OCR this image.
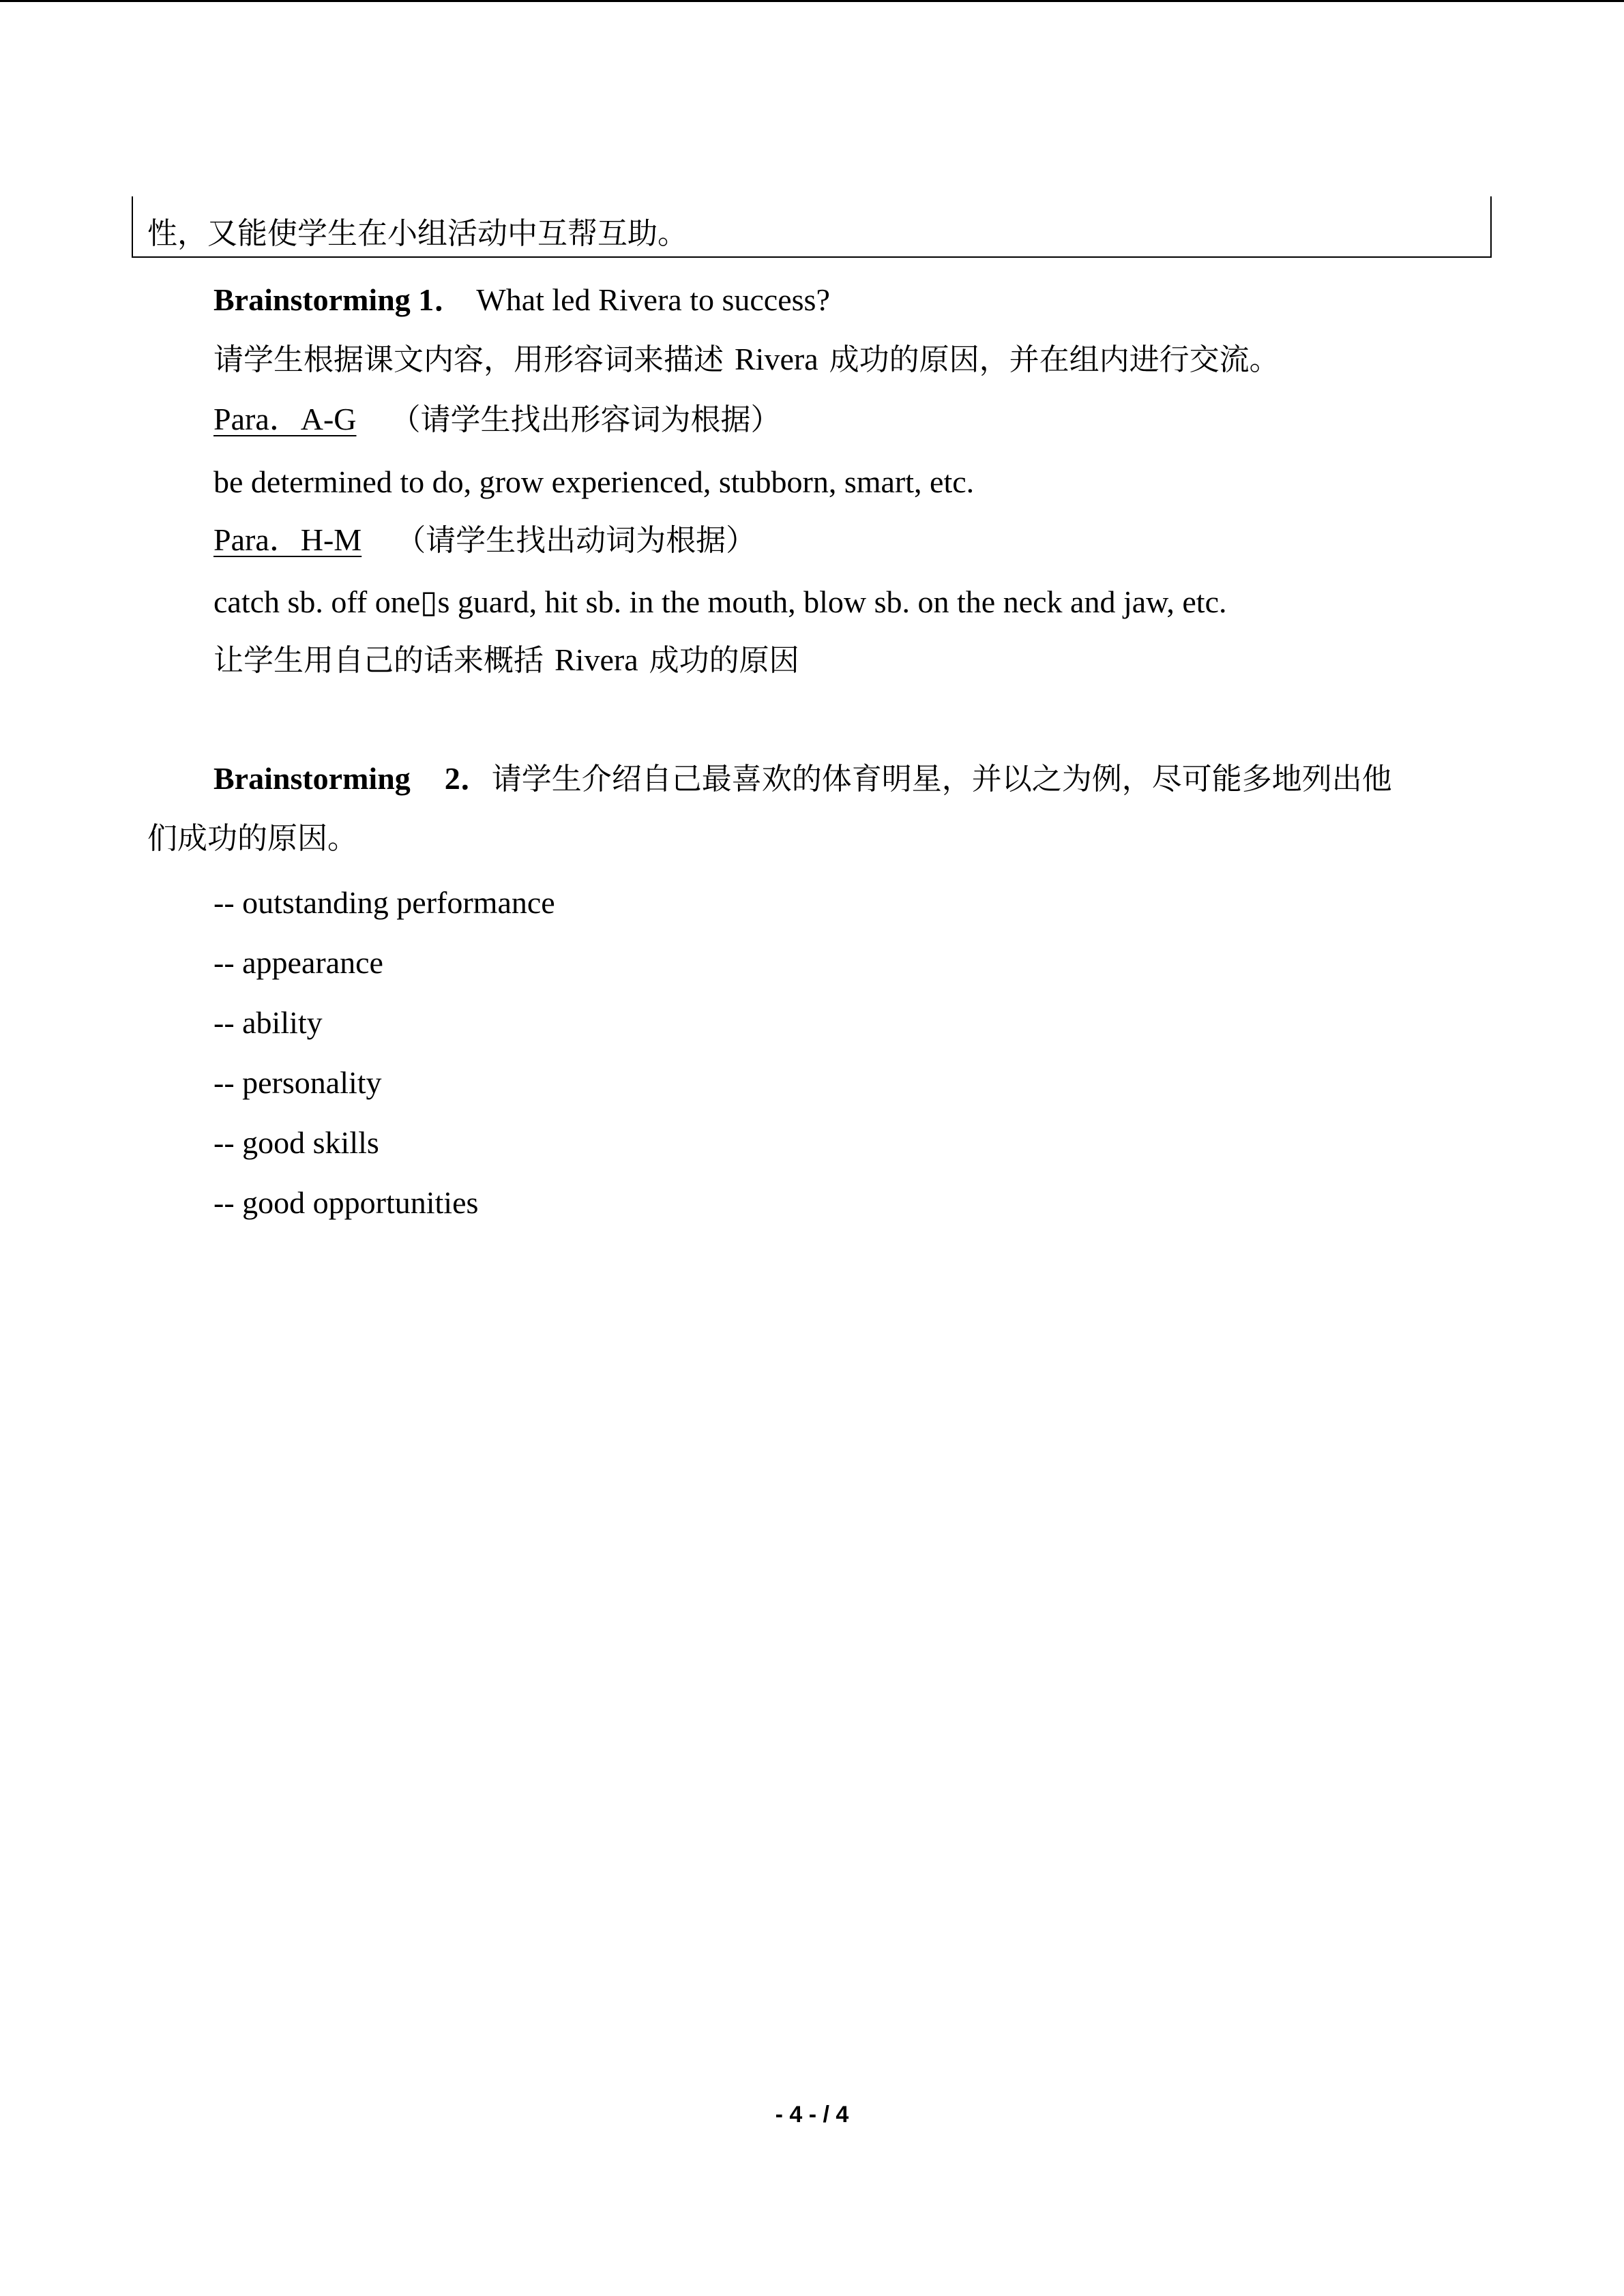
性，又能使学生在小组活动中互帮互助。
Brainstorming 1． What led Rivera to success?
请学生根据课文内容，用形容词来描述 Rivera 成功的原因，并在组内进行交流。
Para．A-G （请学生找出形容词为根据）
be determined to do, grow experienced, stubborn, smart, etc.
Para．H-M （请学生找出动词为根据）
catch sb. off one▯s guard, hit sb. in the mouth, blow sb. on the neck and jaw, etc.
让学生用自己的话来概括 Rivera 成功的原因
Brainstorming 2．请学生介绍自己最喜欢的体育明星，并以之为例，尽可能多地列出他
们成功的原因。
-- outstanding performance
-- appearance
-- ability
-- personality
-- good skills
-- good opportunities
- 4 - / 4
